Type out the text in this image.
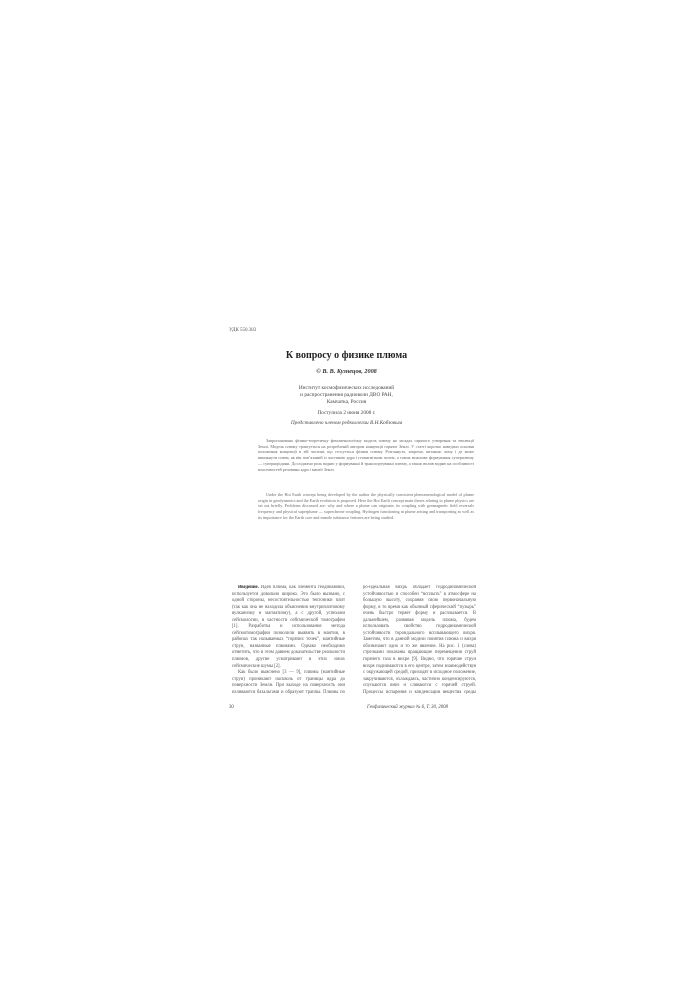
УДК 550.383
К вопросу о физике плюма
© В. В. Кузнецов, 2008
Институт космофизических исследований
и распространения радиоволн ДВО РАН,
Камчатка, Россия
Поступила 2 июня 2008 г.
Представлено членом редколлегии В.Н.Кобзовым
Запропоновано фізико-теоретичну феноменологічну модель плюму на засадах гарячого утворення та еволюції Землі. Модель плюму трактується на розробленій автором концепції гарячої Землі. У статті коротко наведено основні положення концепції в тій частині, що стосується фізики плюму. Розглянуто, зокрема, питання: чому і де може виникнути плюм, як він пов’язаний із частиною ядра і геомагнітним полем, а також можливе формування суперплюму — суперкорідини. Досліджено роль водню у формуванні й транспортуванні плюму, а також вплив водню на особливості властивостей речовини ядра і мантії Землі.
Under the Hot Earth concept being developed by the author the physically consistent phenomenological model of plume origin in geodynamics and the Earth evolution is proposed. Here the Hot Earth concept main theses relating to plume physics are set out briefly. Problems discussed are: why and where a plume can originate, its coupling with geomagnetic field reversals frequency and physical superplume — superchrone coupling. Hydrogen functioning in plume arising and transporting as well as its importance for the Earth core and mantle substance features are being studied.

Введение. Идея плюма, как элемента геодинамики, используется довольно широко. Это было вызвано, с одной стороны, несостоятельностью тектоники плит (так как она не находила объяснения внутриплитовому вулканизму и магматизму), а с другой, успехами сейсмологии, в частности сейсмической томографии [1]. Разработка и использование метода сейсмотомографии позволили выявить в мантии, в районах так называемых “горячих точек”, мантийные струи, названные плюмами. Однако необходимо отметить, что в этом давнем доказательстве реальности плюмов, другие усматривают в этих зонах сейсмические шумы [2].

Как было выяснено [3 — 9], плюмы (мантийные струи) проникают насквозь от границы ядра до поверхности Земли. При выходе на поверхность они изливаются базальтами и образуют траппы. Плюмы по

ро-идеальная вихрь обладает гидродинамической устойчивостью и способен “всплыть” в атмосфере на большую высоту, сохраняя свою первоначальную форму, в то время как обычный сферический “пузырь” очень быстро теряет форму и расплывается. В дальнейшем, развивая модель плюма, будем использовать свойство гидродинамической устойчивости тороидального всплывающего вихря. Заметим, что в данной модели понятия плюма и вихря обозначают одно и то же явление. На рис. 1 (слева) стрелками показаны вращающие перемещения струй горячего газа в вихре [9]. Видно, что горячие струи вихря поднимаются в его центре, затем взаимодействуя с окружающей средой, приходят в исходное положение, закручиваются, охлаждаясь, частично конденсируются, спускаются вниз и сливаются с горячей струей. Процессы испарения и конденсации вещества среды

30	Геофизический журнал № 6, Т. 30, 2008
